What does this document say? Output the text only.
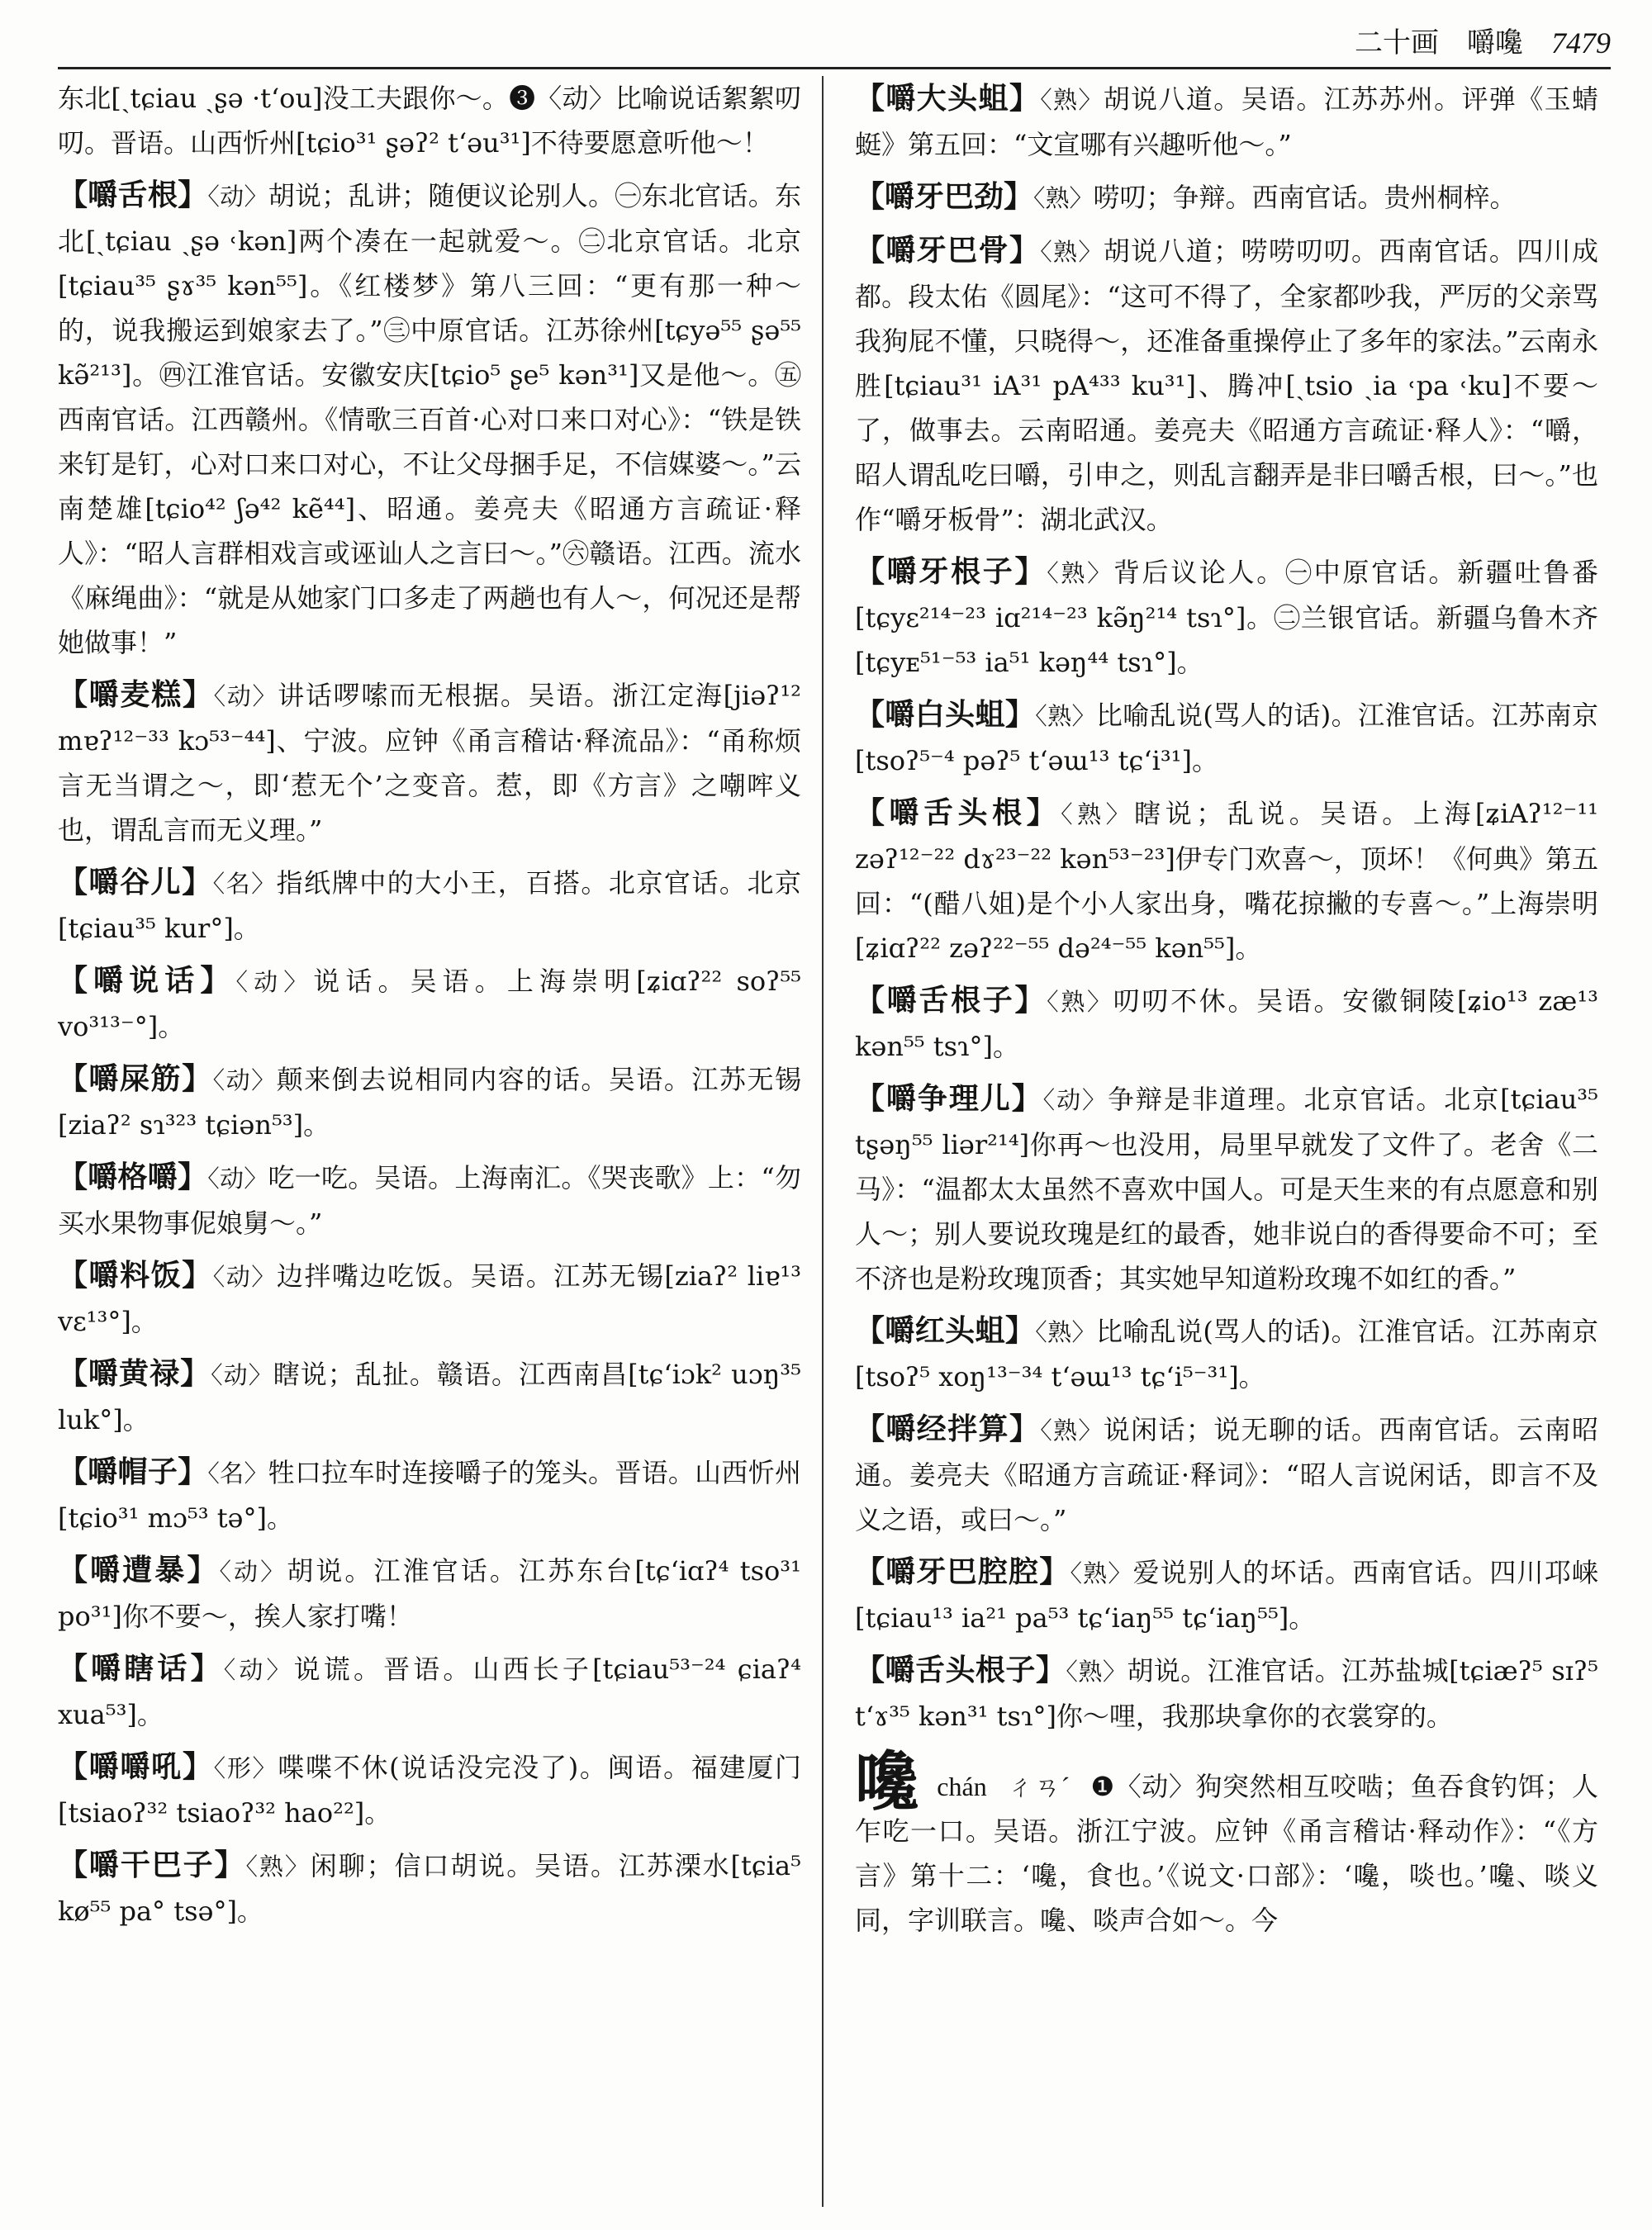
二十画 嚼嚵 7479
东北[ˏtɕiau ˏʂə ·tʻou]没工夫跟你～。❸〈动〉比喻说话絮絮叨叨。晋语。山西忻州[tɕio³¹ ʂəʔ² tʻəu³¹]不待要愿意听他～！
【嚼舌根】〈动〉胡说；乱讲；随便议论别人。㊀东北官话。东北[ˏtɕiau ˏʂə ˓kən]两个凑在一起就爱～。㊁北京官话。北京[tɕiau³⁵ ʂɤ³⁵ kən⁵⁵]。《红楼梦》第八三回：“更有那一种～的，说我搬运到娘家去了。”㊂中原官话。江苏徐州[tɕyə⁵⁵ ʂə⁵⁵ kə̃²¹³]。㊃江淮官话。安徽安庆[tɕio⁵ ʂe⁵ kən³¹]又是他～。㊄西南官话。江西赣州。《情歌三百首·心对口来口对心》：“铁是铁来钉是钉，心对口来口对心，不让父母捆手足，不信媒婆～。”云南楚雄[tɕio⁴² ʃə⁴² kẽ⁴⁴]、昭通。姜亮夫《昭通方言疏证·释人》：“昭人言群相戏言或诬讪人之言曰～。”㊅赣语。江西。流水《麻绳曲》：“就是从她家门口多走了两趟也有人～，何况还是帮她做事！”
【嚼麦糕】〈动〉讲话啰嗦而无根据。吴语。浙江定海[jiəʔ¹² mɐʔ¹²⁻³³ kɔ⁵³⁻⁴⁴]、宁波。应钟《甬言稽诂·释流品》：“甬称烦言无当谓之～，即‘惹无个’之变音。惹，即《方言》之嘲哰义也，谓乱言而无义理。”
【嚼谷儿】〈名〉指纸牌中的大小王，百搭。北京官话。北京[tɕiau³⁵ kur°]。
【嚼说话】〈动〉说话。吴语。上海崇明[ʑiɑʔ²² soʔ⁵⁵ vo³¹³⁻°]。
【嚼屎筋】〈动〉颠来倒去说相同内容的话。吴语。江苏无锡[ziaʔ² sɿ³²³ tɕiən⁵³]。
【嚼格嚼】〈动〉吃一吃。吴语。上海南汇。《哭丧歌》上：“勿买水果物事伲娘舅～。”
【嚼料饭】〈动〉边拌嘴边吃饭。吴语。江苏无锡[ziaʔ² liɐ¹³ vɛ¹³°]。
【嚼黄禄】〈动〉瞎说；乱扯。赣语。江西南昌[tɕʻiɔk² uɔŋ³⁵ luk°]。
【嚼帽子】〈名〉牲口拉车时连接嚼子的笼头。晋语。山西忻州[tɕio³¹ mɔ⁵³ tə°]。
【嚼遭暴】〈动〉胡说。江淮官话。江苏东台[tɕʻiɑʔ⁴ tso³¹ po³¹]你不要～，挨人家打嘴！
【嚼瞎话】〈动〉说谎。晋语。山西长子[tɕiau⁵³⁻²⁴ ɕiaʔ⁴ xua⁵³]。
【嚼嚼吼】〈形〉喋喋不休(说话没完没了)。闽语。福建厦门[tsiaoʔ³² tsiaoʔ³² hao²²]。
【嚼干巴子】〈熟〉闲聊；信口胡说。吴语。江苏溧水[tɕia⁵ kø⁵⁵ pa° tsə°]。
【嚼大头蛆】〈熟〉胡说八道。吴语。江苏苏州。评弹《玉蜻蜓》第五回：“文宣哪有兴趣听他～。”
【嚼牙巴劲】〈熟〉唠叨；争辩。西南官话。贵州桐梓。
【嚼牙巴骨】〈熟〉胡说八道；唠唠叨叨。西南官话。四川成都。段太佑《圆尾》：“这可不得了，全家都吵我，严厉的父亲骂我狗屁不懂，只晓得～，还准备重操停止了多年的家法。”云南永胜[tɕiau³¹ iA³¹ pA⁴³³ ku³¹]、腾冲[ˏtsio ˏia ˓pa ˓ku]不要～了，做事去。云南昭通。姜亮夫《昭通方言疏证·释人》：“嚼，昭人谓乱吃曰嚼，引申之，则乱言翻弄是非曰嚼舌根，曰～。”也作“嚼牙板骨”：湖北武汉。
【嚼牙根子】〈熟〉背后议论人。㊀中原官话。新疆吐鲁番[tɕyɛ²¹⁴⁻²³ iɑ²¹⁴⁻²³ kə̃ŋ²¹⁴ tsɿ°]。㊁兰银官话。新疆乌鲁木齐[tɕyᴇ⁵¹⁻⁵³ ia⁵¹ kəŋ⁴⁴ tsɿ°]。
【嚼白头蛆】〈熟〉比喻乱说(骂人的话)。江淮官话。江苏南京[tsoʔ⁵⁻⁴ pəʔ⁵ tʻəɯ¹³ tɕʻi³¹]。
【嚼舌头根】〈熟〉瞎说；乱说。吴语。上海[ʑiAʔ¹²⁻¹¹ zəʔ¹²⁻²² dɤ²³⁻²² kən⁵³⁻²³]伊专门欢喜～，顶坏！《何典》第五回：“(醋八姐)是个小人家出身，嘴花掠撇的专喜～。”上海崇明[ʑiɑʔ²² zəʔ²²⁻⁵⁵ də²⁴⁻⁵⁵ kən⁵⁵]。
【嚼舌根子】〈熟〉叨叨不休。吴语。安徽铜陵[ʑio¹³ zæ¹³ kən⁵⁵ tsɿ°]。
【嚼争理儿】〈动〉争辩是非道理。北京官话。北京[tɕiau³⁵ tʂəŋ⁵⁵ liər²¹⁴]你再～也没用，局里早就发了文件了。老舍《二马》：“温都太太虽然不喜欢中国人。可是天生来的有点愿意和别人～；别人要说玫瑰是红的最香，她非说白的香得要命不可；至不济也是粉玫瑰顶香；其实她早知道粉玫瑰不如红的香。”
【嚼红头蛆】〈熟〉比喻乱说(骂人的话)。江淮官话。江苏南京[tsoʔ⁵ xoŋ¹³⁻³⁴ tʻəɯ¹³ tɕʻi⁵⁻³¹]。
【嚼经拌算】〈熟〉说闲话；说无聊的话。西南官话。云南昭通。姜亮夫《昭通方言疏证·释词》：“昭人言说闲话，即言不及义之语，或曰～。”
【嚼牙巴腔腔】〈熟〉爱说别人的坏话。西南官话。四川邛崃[tɕiau¹³ ia²¹ pa⁵³ tɕʻiaŋ⁵⁵ tɕʻiaŋ⁵⁵]。
【嚼舌头根子】〈熟〉胡说。江淮官话。江苏盐城[tɕiæʔ⁵ sɪʔ⁵ tʻɤ³⁵ kən³¹ tsɿ°]你～哩，我那块拿你的衣裳穿的。
嚵 chán ㄔㄢˊ ❶〈动〉狗突然相互咬啮；鱼吞食钓饵；人乍吃一口。吴语。浙江宁波。应钟《甬言稽诂·释动作》：“《方言》第十二：‘嚵，食也。’《说文·口部》：‘嚵，啖也。’嚵、啖义同，字训联言。嚵、啖声合如～。今
